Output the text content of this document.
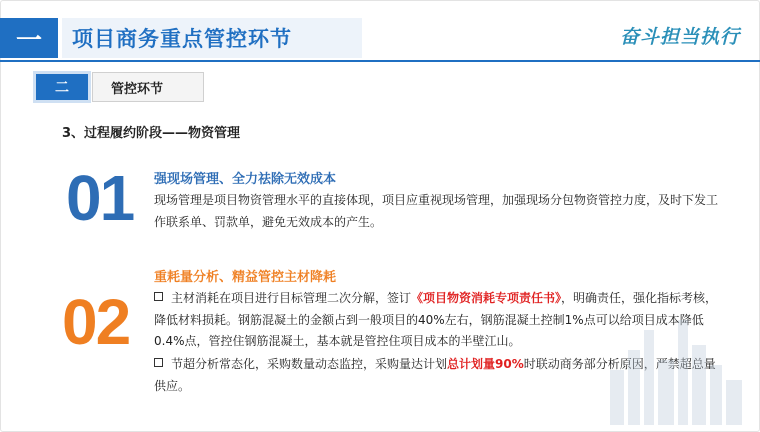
一	项目商务重点管控环节	奋斗担当执行
二	管控环节
3、过程履约阶段——物资管理
01 强现场管理、全力祛除无效成本

现场管理是项目物资管理水平的直接体现，项目应重视现场管理，加强现场分包物资管控力度，及时下发工作联系单、罚款单，避免无效成本的产生。

02
重耗量分析、精益管控主材降耗

主材消耗在项目进行目标管理二次分解，签订《项目物资消耗专项责任书》，明确责任，强化指标考核，降低材料损耗。钢筋混凝土的金额占到一般项目的40%左右，钢筋混凝土控制1%点可以给项目成本降低0.4%点，管控住钢筋混凝土，基本就是管控住项目成本的半壁江山。

节超分析常态化，采购数量动态监控，采购量达计划总计划量90%时联动商务部分析原因，严禁超总量供应。
